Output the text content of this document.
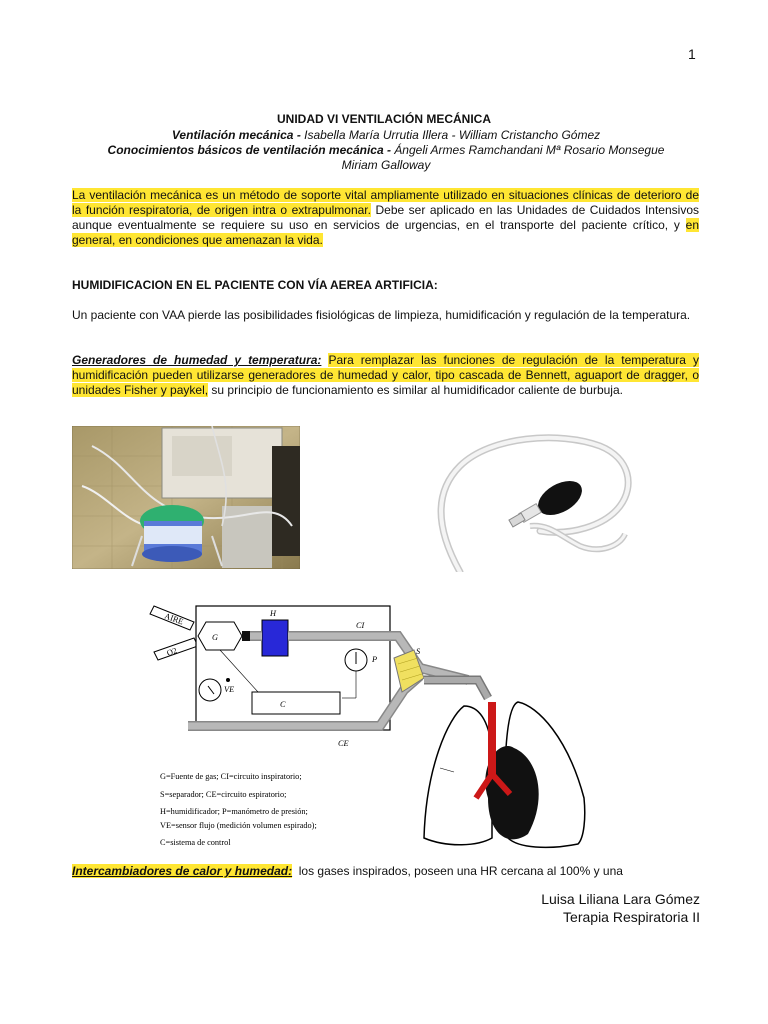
1
UNIDAD VI VENTILACIÓN MECÁNICA
Ventilación mecánica - Isabella María Urrutia Illera - William Cristancho Gómez
Conocimientos básicos de ventilación mecánica - Ángeli Armes Ramchandani Mª Rosario Monsegue
Miriam Galloway
La ventilación mecánica es un método de soporte vital ampliamente utilizado en situaciones clínicas de deterioro de la función respiratoria, de origen intra o extrapulmonar. Debe ser aplicado en las Unidades de Cuidados Intensivos aunque eventualmente se requiere su uso en servicios de urgencias, en el transporte del paciente crítico, y en general, en condiciones que amenazan la vida.
HUMIDIFICACION EN EL PACIENTE CON VÍA AEREA ARTIFICIA:
Un paciente con VAA pierde las posibilidades fisiológicas de limpieza, humidificación y regulación de la temperatura.
Generadores de humedad y temperatura: Para remplazar las funciones de regulación de la temperatura y humidificación pueden utilizarse generadores de humedad y calor, tipo cascada de Bennett, aguaport de dragger, o unidades Fisher y paykel, su principio de funcionamiento es similar al humidificador caliente de burbuja.
AIRE
O2
G
H
CI
CE
S
P
VE
C
G=Fuente de gas; CI=circuito inspiratorio;
S=separador; CE=circuito espiratorio;
H=humidificador; P=manómetro de presión;
VE=sensor flujo (medición volumen espirado);
C=sistema de control
Intercambiadores de calor y humedad: los gases inspirados, poseen una HR cercana al 100% y una
Luisa Liliana Lara Gómez
Terapia Respiratoria II
